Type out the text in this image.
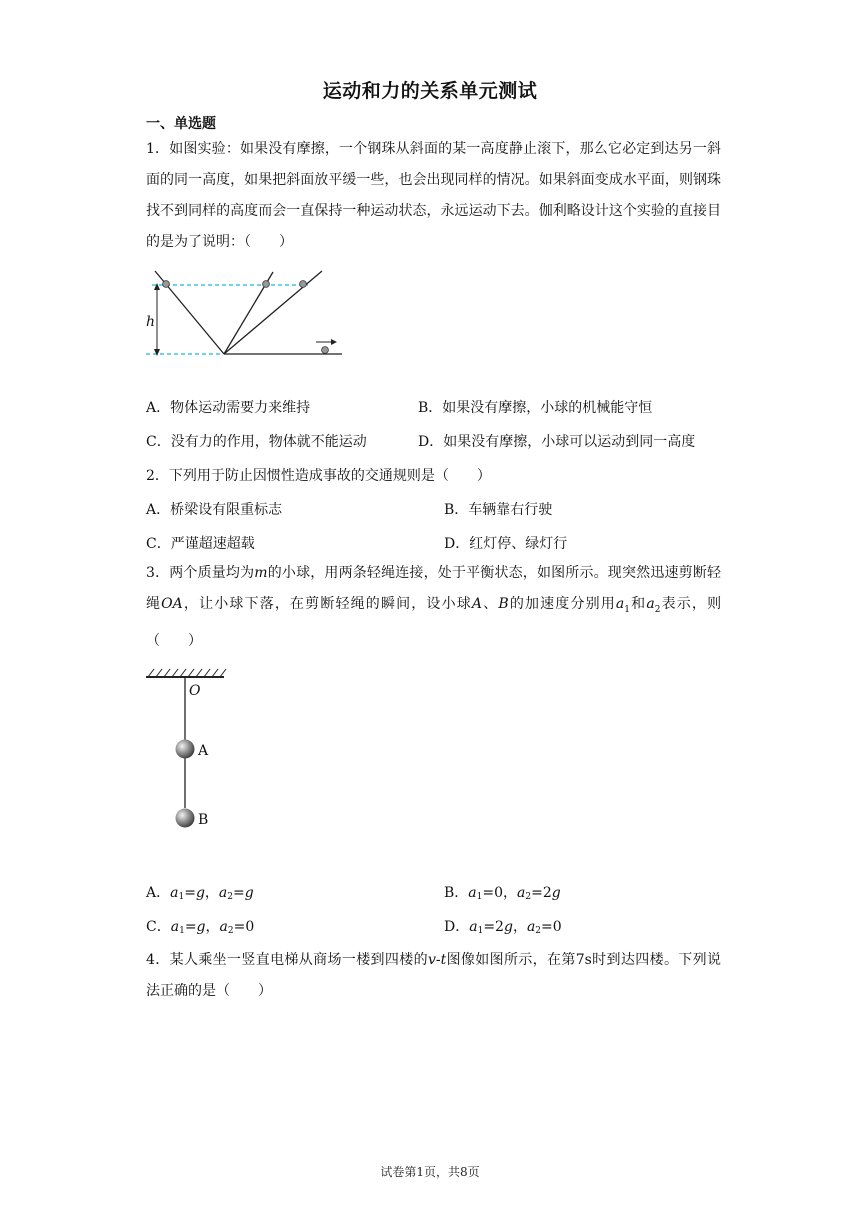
运动和力的关系单元测试
一、单选题
1．如图实验：如果没有摩擦，一个钢珠从斜面的某一高度静止滚下，那么它必定到达另一斜面的同一高度，如果把斜面放平缓一些，也会出现同样的情况。如果斜面变成水平面，则钢珠找不到同样的高度而会一直保持一种运动状态，永远运动下去。伽利略设计这个实验的直接目的是为了说明：（　　）
h
A．物体运动需要力来维持	B．如果没有摩擦，小球的机械能守恒
C．没有力的作用，物体就不能运动	D．如果没有摩擦，小球可以运动到同一高度
2．下列用于防止因惯性造成事故的交通规则是（　　）
A．桥梁设有限重标志	B．车辆靠右行驶
C．严谨超速超载	D．红灯停、绿灯行
3．两个质量均为m的小球，用两条轻绳连接，处于平衡状态，如图所示。现突然迅速剪断轻绳OA，让小球下落，在剪断轻绳的瞬间，设小球A、B的加速度分别用$a_1$和$a_2$表示，则（　　）
O
A
B
A．$a_1=g$，$a_2=g$	B．$a_1=0$，$a_2=2g$
C．$a_1=g$，$a_2=0$	D．$a_1=2g$，$a_2=0$
4．某人乘坐一竖直电梯从商场一楼到四楼的v-t图像如图所示，在第7s时到达四楼。下列说法正确的是（　　）
试卷第1页，共8页
